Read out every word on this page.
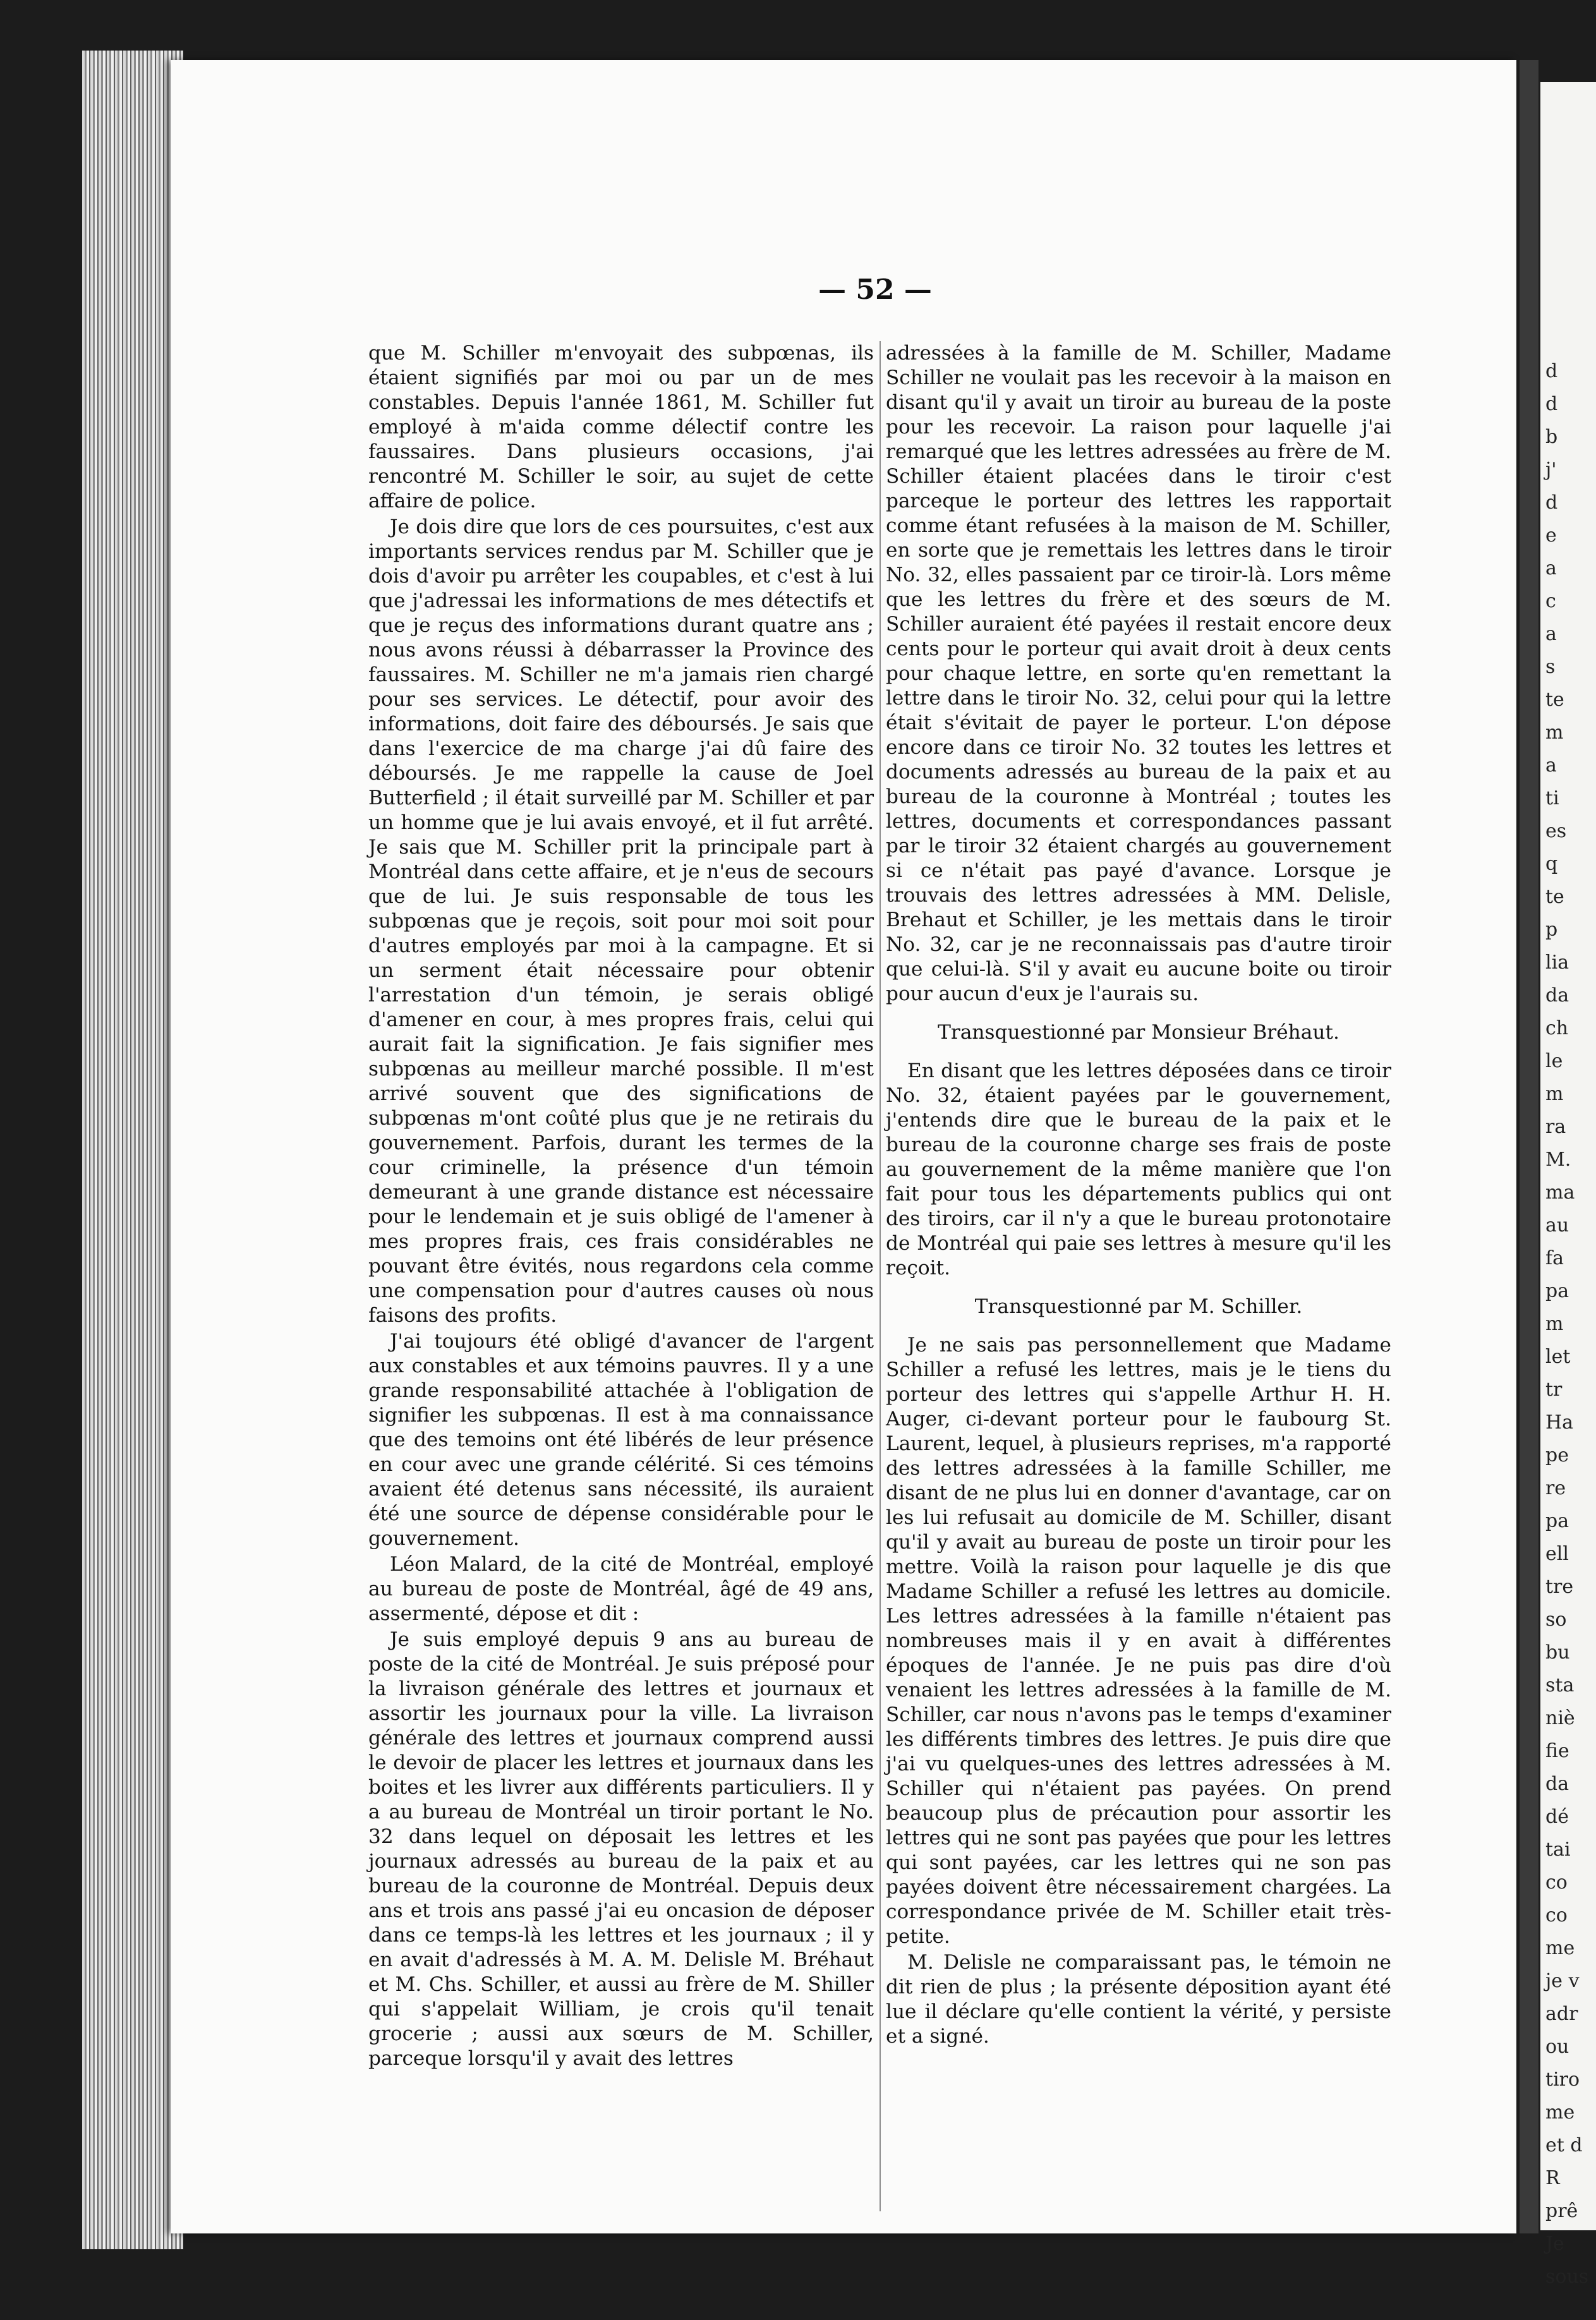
d
d
b
j'
d
e
a
c
a
s
te
m
a
ti
es
q
te
p
lia
da
ch
le
m
ra
M.
ma
au
fa
pa
m
let
tr
Ha
pe
re
pa
ell
tre
so
bu
sta
niè
fie
da
dé
tai
co
co
me
je v
adr
ou
tiro
me
et d
R
prê
Je
sous
— 52 —

que M. Schiller m'envoyait des subpœnas, ils étaient signifiés par moi ou par un de mes constables. Depuis l'année 1861, M. Schiller fut employé à m'aida comme délectif contre les faussaires. Dans plusieurs occasions, j'ai rencontré M. Schiller le soir, au sujet de cette affaire de police.

Je dois dire que lors de ces poursuites, c'est aux importants services rendus par M. Schiller que je dois d'avoir pu arrêter les coupables, et c'est à lui que j'adressai les informations de mes détectifs et que je reçus des informations durant quatre ans ; nous avons réussi à débarrasser la Province des faussaires. M. Schiller ne m'a jamais rien chargé pour ses services. Le détectif, pour avoir des informations, doit faire des déboursés. Je sais que dans l'exercice de ma charge j'ai dû faire des déboursés. Je me rappelle la cause de Joel Butterfield ; il était surveillé par M. Schiller et par un homme que je lui avais envoyé, et il fut arrêté. Je sais que M. Schiller prit la principale part à Montréal dans cette affaire, et je n'eus de secours que de lui. Je suis responsable de tous les subpœnas que je reçois, soit pour moi soit pour d'autres employés par moi à la campagne. Et si un serment était nécessaire pour obtenir l'arrestation d'un témoin, je serais obligé d'amener en cour, à mes propres frais, celui qui aurait fait la signification. Je fais signifier mes subpœnas au meilleur marché possible. Il m'est arrivé souvent que des significations de subpœnas m'ont coûté plus que je ne retirais du gouvernement. Parfois, durant les termes de la cour criminelle, la présence d'un témoin demeurant à une grande distance est nécessaire pour le lendemain et je suis obligé de l'amener à mes propres frais, ces frais considérables ne pouvant être évités, nous regardons cela comme une compensation pour d'autres causes où nous faisons des profits.

J'ai toujours été obligé d'avancer de l'argent aux constables et aux témoins pauvres. Il y a une grande responsabilité attachée à l'obligation de signifier les subpœnas. Il est à ma connaissance que des temoins ont été libérés de leur présence en cour avec une grande célérité. Si ces témoins avaient été detenus sans nécessité, ils auraient été une source de dépense considérable pour le gouvernement.

Léon Malard, de la cité de Montréal, employé au bureau de poste de Montréal, âgé de 49 ans, assermenté, dépose et dit :

Je suis employé depuis 9 ans au bureau de poste de la cité de Montréal. Je suis préposé pour la livraison générale des lettres et journaux et assortir les journaux pour la ville. La livraison générale des lettres et journaux comprend aussi le devoir de placer les lettres et journaux dans les boites et les livrer aux différents particuliers. Il y a au bureau de Montréal un tiroir portant le No. 32 dans lequel on déposait les lettres et les journaux adressés au bureau de la paix et au bureau de la couronne de Montréal. Depuis deux ans et trois ans passé j'ai eu oncasion de déposer dans ce temps-là les lettres et les journaux ; il y en avait d'adressés à M. A. M. Delisle M. Bréhaut et M. Chs. Schiller, et aussi au frère de M. Shiller qui s'appelait William, je crois qu'il tenait grocerie ; aussi aux sœurs de M. Schiller, parceque lorsqu'il y avait des lettres

adressées à la famille de M. Schiller, Madame Schiller ne voulait pas les recevoir à la maison en disant qu'il y avait un tiroir au bureau de la poste pour les recevoir. La raison pour laquelle j'ai remarqué que les lettres adressées au frère de M. Schiller étaient placées dans le tiroir c'est parceque le porteur des lettres les rapportait comme étant refusées à la maison de M. Schiller, en sorte que je remettais les lettres dans le tiroir No. 32, elles passaient par ce tiroir-là. Lors même que les lettres du frère et des sœurs de M. Schiller auraient été payées il restait encore deux cents pour le porteur qui avait droit à deux cents pour chaque lettre, en sorte qu'en remettant la lettre dans le tiroir No. 32, celui pour qui la lettre était s'évitait de payer le porteur. L'on dépose encore dans ce tiroir No. 32 toutes les lettres et documents adressés au bureau de la paix et au bureau de la couronne à Montréal ; toutes les lettres, documents et correspondances passant par le tiroir 32 étaient chargés au gouvernement si ce n'était pas payé d'avance. Lorsque je trouvais des lettres adressées à MM. Delisle, Brehaut et Schiller, je les mettais dans le tiroir No. 32, car je ne reconnaissais pas d'autre tiroir que celui-là. S'il y avait eu aucune boite ou tiroir pour aucun d'eux je l'aurais su.

Transquestionné par Monsieur Bréhaut.

En disant que les lettres déposées dans ce tiroir No. 32, étaient payées par le gouvernement, j'entends dire que le bureau de la paix et le bureau de la couronne charge ses frais de poste au gouvernement de la même manière que l'on fait pour tous les départements publics qui ont des tiroirs, car il n'y a que le bureau protonotaire de Montréal qui paie ses lettres à mesure qu'il les reçoit.

Transquestionné par M. Schiller.

Je ne sais pas personnellement que Madame Schiller a refusé les lettres, mais je le tiens du porteur des lettres qui s'appelle Arthur H. H. Auger, ci-devant porteur pour le faubourg St. Laurent, lequel, à plusieurs reprises, m'a rapporté des lettres adressées à la famille Schiller, me disant de ne plus lui en donner d'avantage, car on les lui refusait au domicile de M. Schiller, disant qu'il y avait au bureau de poste un tiroir pour les mettre. Voilà la raison pour laquelle je dis que Madame Schiller a refusé les lettres au domicile. Les lettres adressées à la famille n'étaient pas nombreuses mais il y en avait à différentes époques de l'année. Je ne puis pas dire d'où venaient les lettres adressées à la famille de M. Schiller, car nous n'avons pas le temps d'examiner les différents timbres des lettres. Je puis dire que j'ai vu quelques-unes des lettres adressées à M. Schiller qui n'étaient pas payées. On prend beaucoup plus de précaution pour assortir les lettres qui ne sont pas payées que pour les lettres qui sont payées, car les lettres qui ne son pas payées doivent être nécessairement chargées. La correspondance privée de M. Schiller etait très-petite.

M. Delisle ne comparaissant pas, le témoin ne dit rien de plus ; la présente déposition ayant été lue il déclare qu'elle contient la vérité, y persiste et a signé.
